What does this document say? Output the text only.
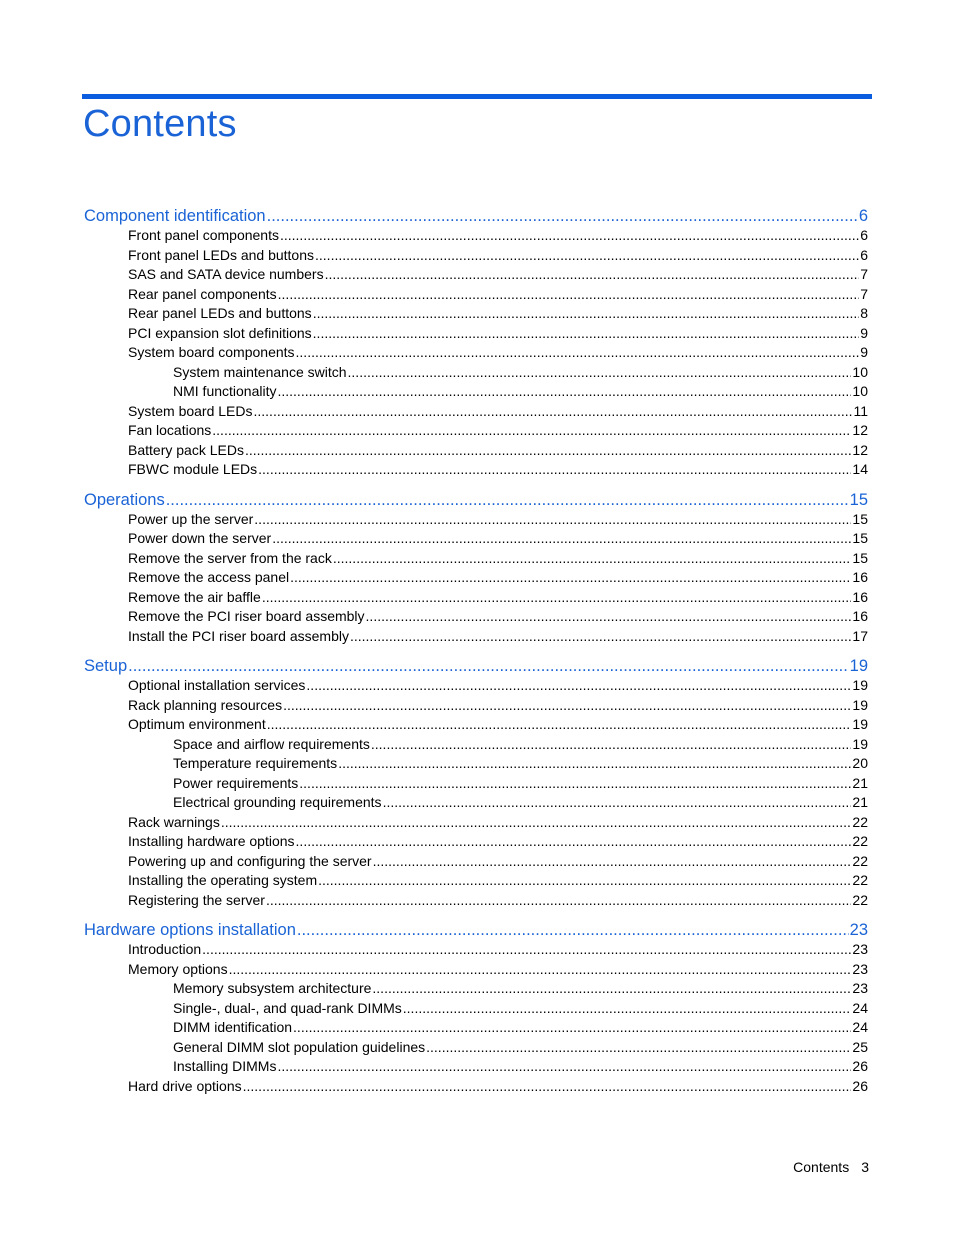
Contents
Component identification .....	6
Front panel components .....	6
Front panel LEDs and buttons .....	6
SAS and SATA device numbers .....	7
Rear panel components .....	7
Rear panel LEDs and buttons .....	8
PCI expansion slot definitions .....	9
System board components .....	9
System maintenance switch .....	10
NMI functionality .....	10
System board LEDs .....	11
Fan locations .....	12
Battery pack LEDs .....	12
FBWC module LEDs .....	14
Operations .....	15
Power up the server .....	15
Power down the server .....	15
Remove the server from the rack .....	15
Remove the access panel .....	16
Remove the air baffle .....	16
Remove the PCI riser board assembly .....	16
Install the PCI riser board assembly .....	17
Setup .....	19
Optional installation services .....	19
Rack planning resources .....	19
Optimum environment .....	19
Space and airflow requirements .....	19
Temperature requirements .....	20
Power requirements .....	21
Electrical grounding requirements .....	21
Rack warnings .....	22
Installing hardware options .....	22
Powering up and configuring the server .....	22
Installing the operating system .....	22
Registering the server .....	22
Hardware options installation .....	23
Introduction .....	23
Memory options .....	23
Memory subsystem architecture .....	23
Single-, dual-, and quad-rank DIMMs .....	24
DIMM identification .....	24
General DIMM slot population guidelines .....	25
Installing DIMMs .....	26
Hard drive options .....	26
Contents 3
